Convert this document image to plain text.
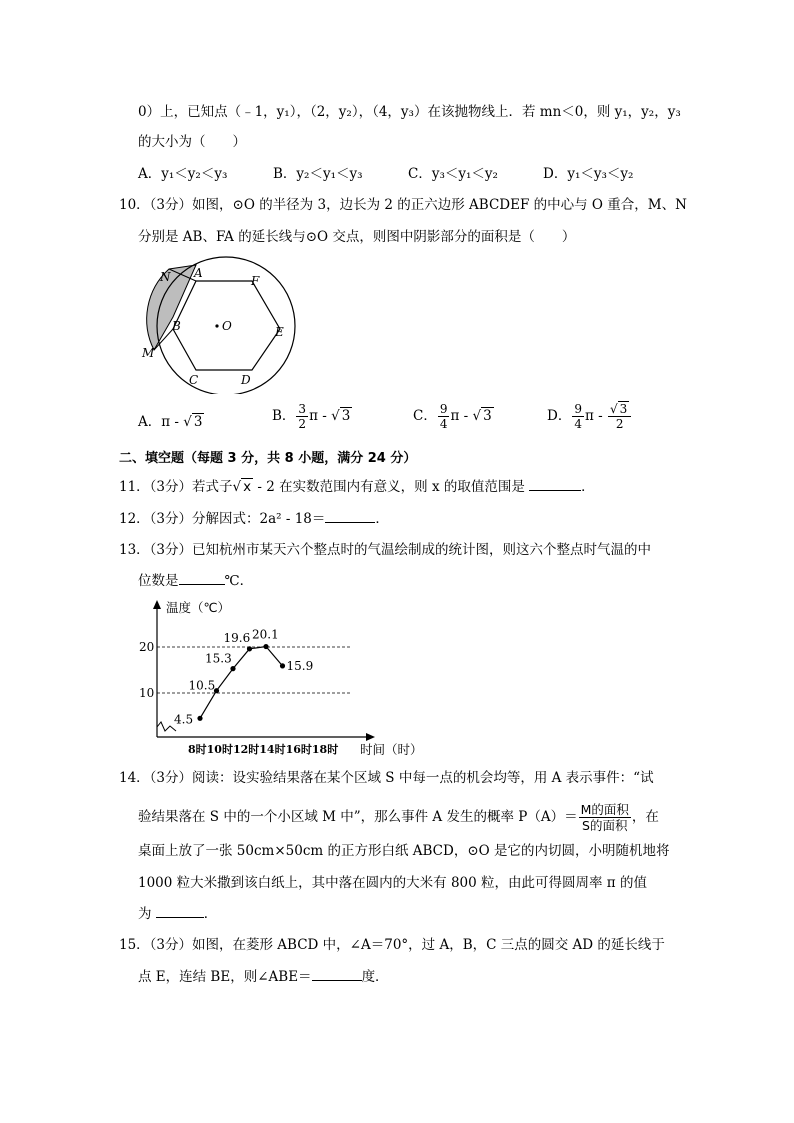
0）上，已知点（﹣1，y₁），（2，y₂），（4，y₃）在该抛物线上．若 mn＜0，则 y₁，y₂，y₃
的大小为（　　）
A．y₁＜y₂＜y₃	B．y₂＜y₁＜y₃	C．y₃＜y₁＜y₂	D．y₁＜y₃＜y₂
10．（3分）如图，⊙O 的半径为 3，边长为 2 的正六边形 ABCDEF 的中心与 O 重合，M、N
分别是 AB、FA 的延长线与⊙O 交点，则图中阴影部分的面积是（　　）
N A
F
B	O	E
M
C	D
A．π - √ 3	B． $\frac{3}{2}$ π - √ 3	C． $\frac{9}{4}$ π - √ 3	D． $\frac{9}{4}$ π - $\frac{√ 3}{2}$
二、填空题（每题 3 分，共 8 小题，满分 24 分）
11．（3分）若式子√ x - 2 在实数范围内有意义，则 x 的取值范围是	．
12．（3分）分解因式：2a² - 18＝	．
13．（3分）已知杭州市某天六个整点时的气温绘制成的统计图，则这六个整点时气温的中
位数是	℃．
温度（℃）
时间（时）
10
20
8时10时12时14时16时18时
4.5
10.5
15.3
19.6 20.1
15.9
14．（3分）阅读：设实验结果落在某个区域 S 中每一点的机会均等，用 A 表示事件：“试
验结果落在 S 中的一个小区域 M 中”，那么事件 A 发生的概率 $P(A)= \frac{\text{M的面积}}{\text{S的面积}}$ ，在
桌面上放了一张 50cm×50cm 的正方形白纸 ABCD，⊙O 是它的内切圆，小明随机地将
1000 粒大米撒到该白纸上，其中落在圆内的大米有 800 粒，由此可得圆周率 π 的值
为	．
15．（3分）如图，在菱形 ABCD 中，∠A＝70°，过 A，B，C 三点的圆交 AD 的延长线于
点 E，连结 BE，则∠ABE＝	度．
